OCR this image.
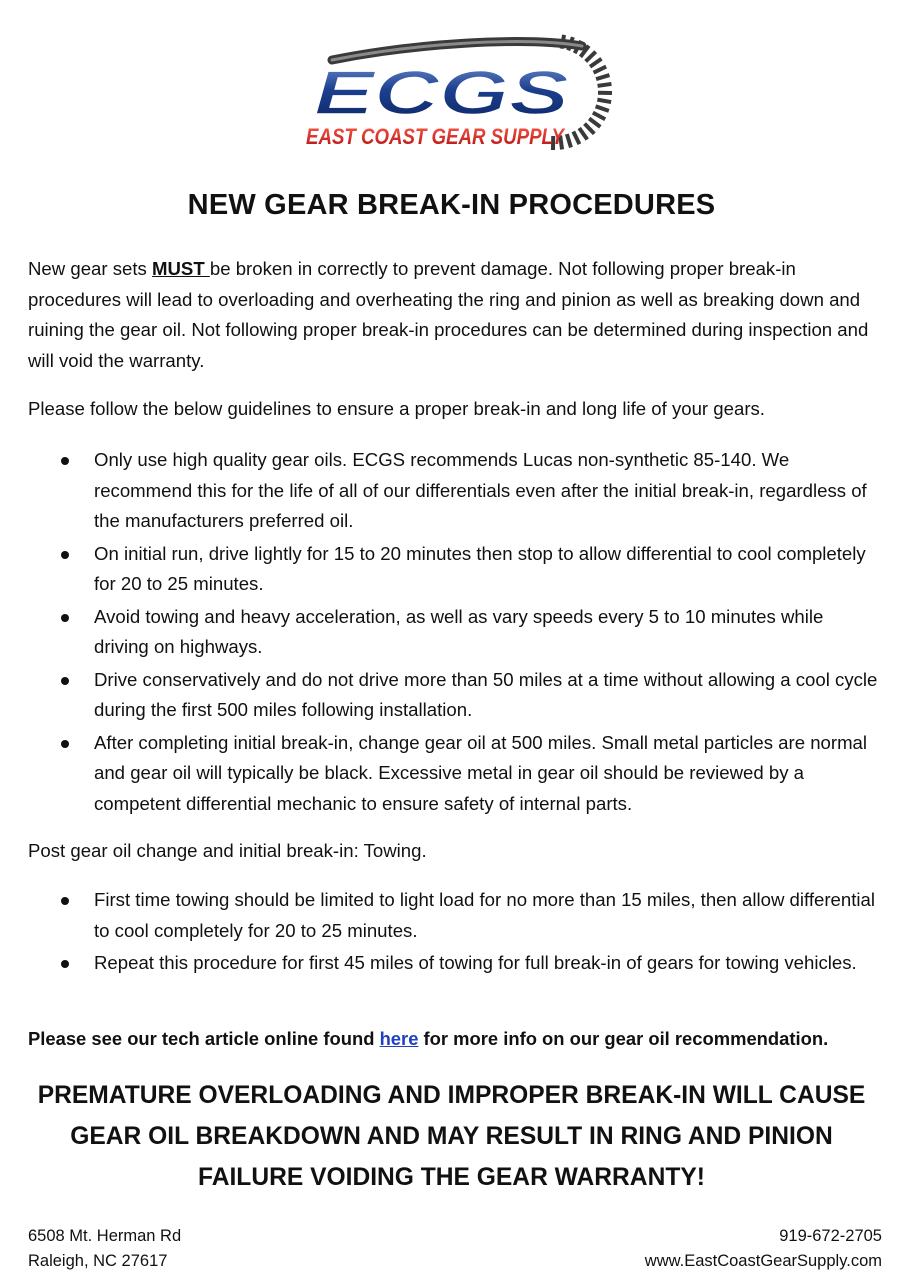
ECGS
EAST COAST GEAR SUPPLY
NEW GEAR BREAK-IN PROCEDURES

New gear sets MUST be broken in correctly to prevent damage. Not following proper break-in procedures will lead to overloading and overheating the ring and pinion as well as breaking down and ruining the gear oil. Not following proper break-in procedures can be determined during inspection and will void the warranty.

Please follow the below guidelines to ensure a proper break-in and long life of your gears.

Only use high quality gear oils. ECGS recommends Lucas non-synthetic 85-140. We recommend this for the life of all of our differentials even after the initial break-in, regardless of the manufacturers preferred oil.
On initial run, drive lightly for 15 to 20 minutes then stop to allow differential to cool completely for 20 to 25 minutes.
Avoid towing and heavy acceleration, as well as vary speeds every 5 to 10 minutes while driving on highways.
Drive conservatively and do not drive more than 50 miles at a time without allowing a cool cycle during the first 500 miles following installation.
After completing initial break-in, change gear oil at 500 miles. Small metal particles are normal and gear oil will typically be black. Excessive metal in gear oil should be reviewed by a competent differential mechanic to ensure safety of internal parts.

Post gear oil change and initial break-in: Towing.

First time towing should be limited to light load for no more than 15 miles, then allow differential to cool completely for 20 to 25 minutes.
Repeat this procedure for first 45 miles of towing for full break-in of gears for towing vehicles.

Please see our tech article online found here for more info on our gear oil recommendation.

PREMATURE OVERLOADING AND IMPROPER BREAK-IN WILL CAUSE
GEAR OIL BREAKDOWN AND MAY RESULT IN RING AND PINION
FAILURE VOIDING THE GEAR WARRANTY!
6508 Mt. Herman Rd
Raleigh, NC 27617
919-672-2705
www.EastCoastGearSupply.com
